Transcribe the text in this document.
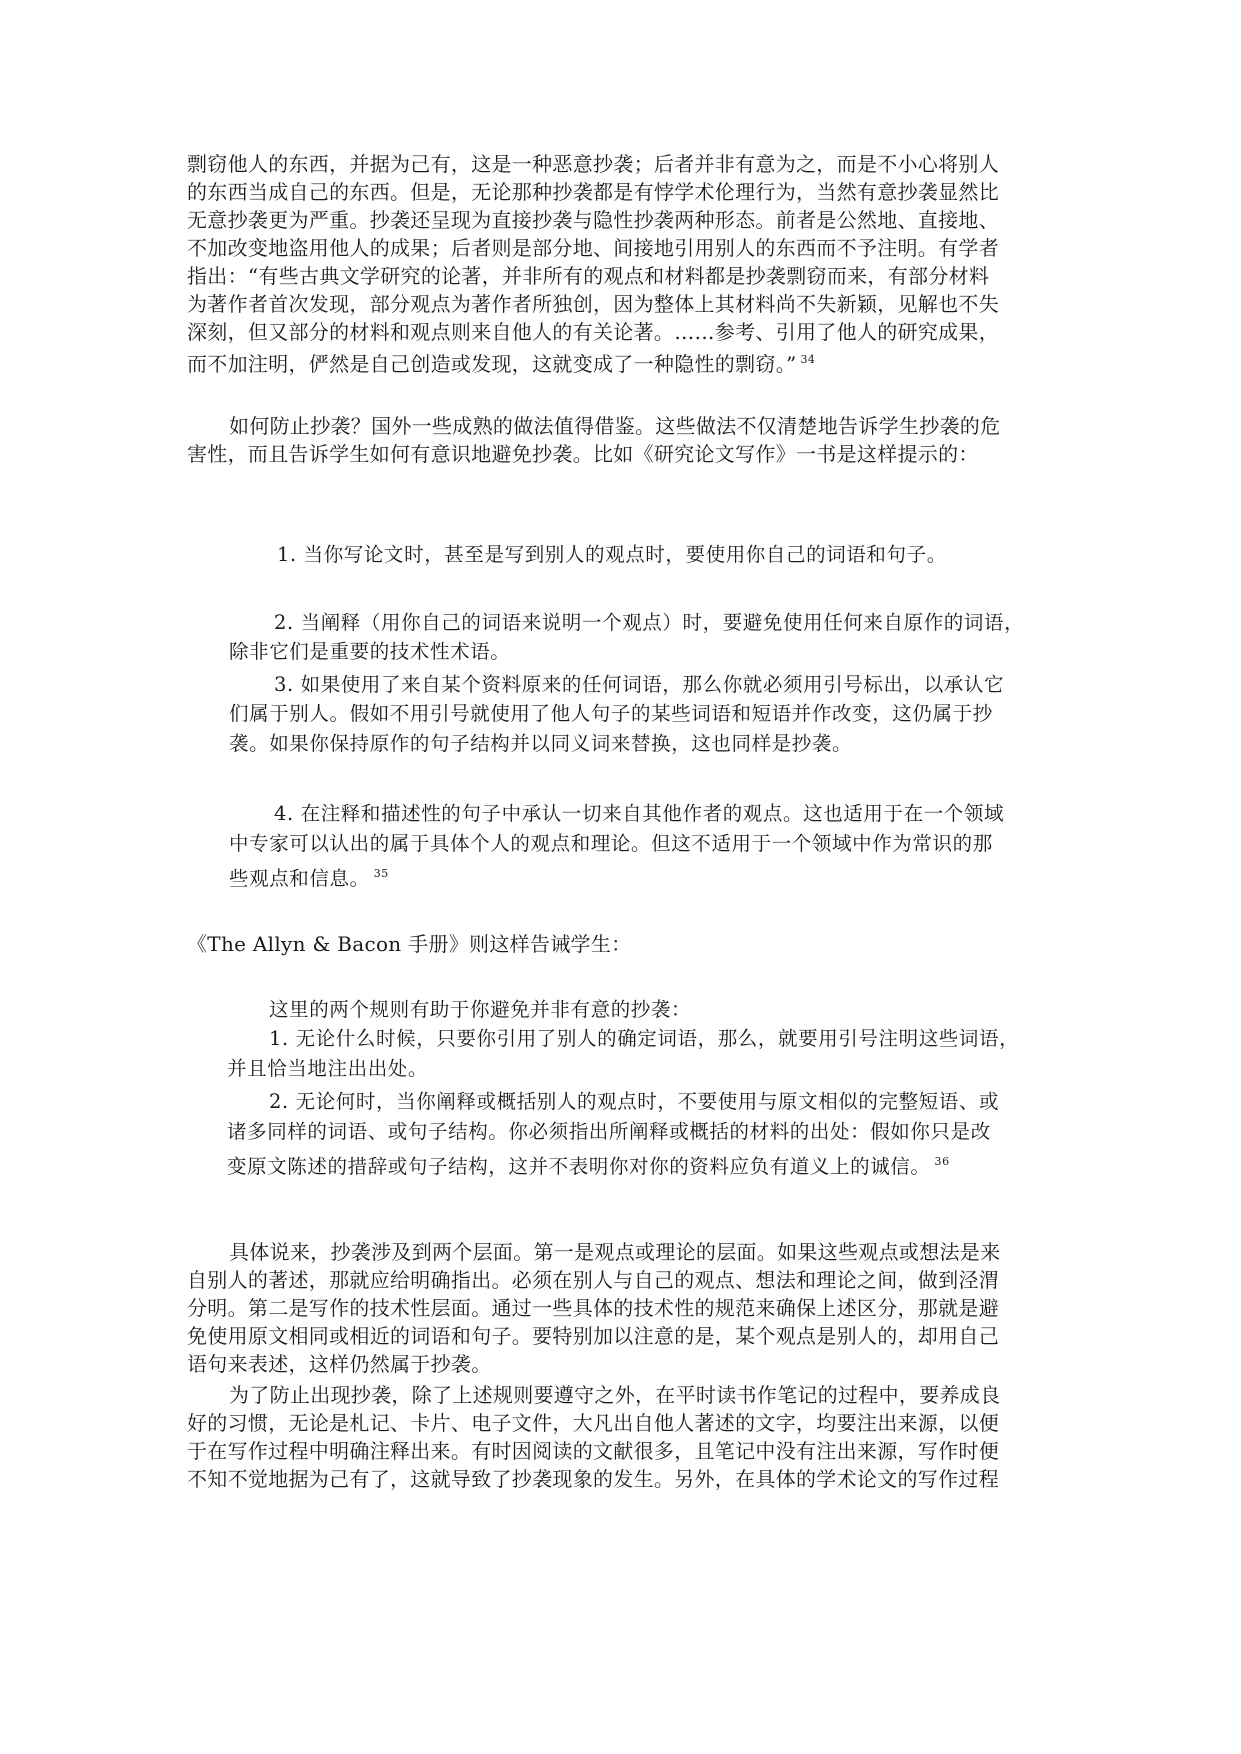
剽窃他人的东西，并据为己有，这是一种恶意抄袭；后者并非有意为之，而是不小心将别人
的东西当成自己的东西。但是，无论那种抄袭都是有悖学术伦理行为，当然有意抄袭显然比
无意抄袭更为严重。抄袭还呈现为直接抄袭与隐性抄袭两种形态。前者是公然地、直接地、
不加改变地盗用他人的成果；后者则是部分地、间接地引用别人的东西而不予注明。有学者
指出：“有些古典文学研究的论著，并非所有的观点和材料都是抄袭剽窃而来，有部分材料
为著作者首次发现，部分观点为著作者所独创，因为整体上其材料尚不失新颖，见解也不失
深刻，但又部分的材料和观点则来自他人的有关论著。……参考、引用了他人的研究成果，
而不加注明，俨然是自己创造或发现，这就变成了一种隐性的剽窃。” $^{34}$
如何防止抄袭？国外一些成熟的做法值得借鉴。这些做法不仅清楚地告诉学生抄袭的危
害性，而且告诉学生如何有意识地避免抄袭。比如《研究论文写作》一书是这样提示的：
1. 当你写论文时，甚至是写到别人的观点时，要使用你自己的词语和句子。
2. 当阐释（用你自己的词语来说明一个观点）时，要避免使用任何来自原作的词语，
除非它们是重要的技术性术语。
3. 如果使用了来自某个资料原来的任何词语，那么你就必须用引号标出，以承认它
们属于别人。假如不用引号就使用了他人句子的某些词语和短语并作改变，这仍属于抄
袭。如果你保持原作的句子结构并以同义词来替换，这也同样是抄袭。
4. 在注释和描述性的句子中承认一切来自其他作者的观点。这也适用于在一个领域
中专家可以认出的属于具体个人的观点和理论。但这不适用于一个领域中作为常识的那
些观点和信息。 $^{35}$
《The Allyn & Bacon 手册》则这样告诫学生：
这里的两个规则有助于你避免并非有意的抄袭：
1. 无论什么时候，只要你引用了别人的确定词语，那么，就要用引号注明这些词语，
并且恰当地注出出处。
2. 无论何时，当你阐释或概括别人的观点时，不要使用与原文相似的完整短语、或
诸多同样的词语、或句子结构。你必须指出所阐释或概括的材料的出处：假如你只是改
变原文陈述的措辞或句子结构，这并不表明你对你的资料应负有道义上的诚信。 $^{36}$
具体说来，抄袭涉及到两个层面。第一是观点或理论的层面。如果这些观点或想法是来
自别人的著述，那就应给明确指出。必须在别人与自己的观点、想法和理论之间，做到泾渭
分明。第二是写作的技术性层面。通过一些具体的技术性的规范来确保上述区分，那就是避
免使用原文相同或相近的词语和句子。要特别加以注意的是，某个观点是别人的，却用自己
语句来表述，这样仍然属于抄袭。
为了防止出现抄袭，除了上述规则要遵守之外，在平时读书作笔记的过程中，要养成良
好的习惯，无论是札记、卡片、电子文件，大凡出自他人著述的文字，均要注出来源，以便
于在写作过程中明确注释出来。有时因阅读的文献很多，且笔记中没有注出来源，写作时便
不知不觉地据为己有了，这就导致了抄袭现象的发生。另外，在具体的学术论文的写作过程
